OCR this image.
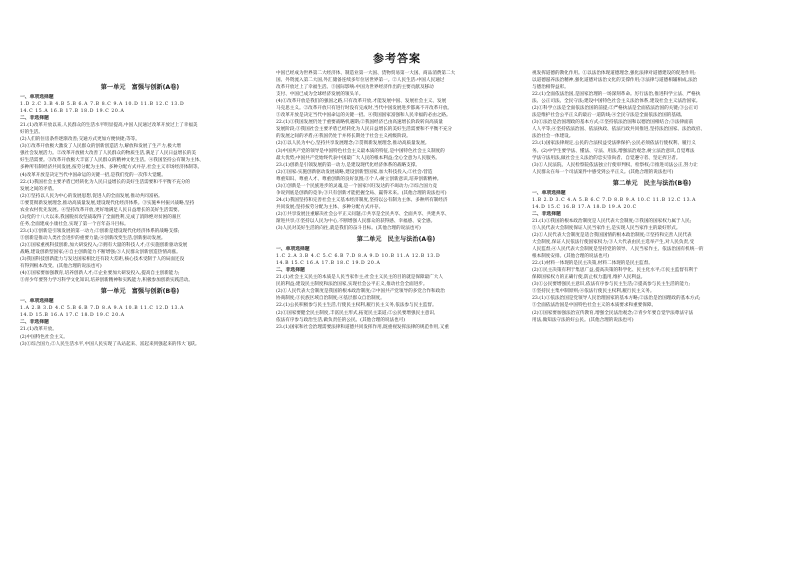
参考答案
第一单元　富强与创新(A卷)
一、单项选择题
1.D 2.C 3.B 4.B 5.B 6.A 7.B 8.C 9.A 10.D 11.B 12.C 13.D
14.C 15.A 16.B 17.B 18.D 19.C 20.A
二、非选择题
21.(1)改革开放以来,人民群众的生活水平明显提高,中国人民通过改革开放过上了幸福美
好的生活。
(2)人们的住房条件逐渐改善;交通方式更加方便快捷;等等。
(3)①改革开放极大激发了人民群众的创新创造活力,解放和发展了生产力,极大增
强社会发展活力。②改革开放极大改善了人民群众的物质生活,满足了人民日益增长的美
好生活需要。③改革开放极大丰富了人民群众的精神文化生活。④我国坚持公有制为主体、
多种所有制经济共同发展,按劳分配为主体、多种分配方式并存,社会主义市场经济体制等。
(4)改革开放是决定当代中国命运的关键一招,是我们党的一次伟大觉醒。
22.(1)我国社会主要矛盾已经转化为人民日益增长的美好生活需要和不平衡不充分的
发展之间的矛盾。
(2)①坚持以人民为中心的发展思想,促进人的全面发展,推动共同富裕。
②要贯彻新发展理念,推动高质量发展,建设现代化经济体系。③实施乡村振兴战略,坚持
农业农村优先发展。④坚持改革开放,更好地满足人民日益增长的美好生活需要。
(3)党的十八大以来,我国脱贫攻坚战取得了全面胜利,完成了消除绝对贫困的艰巨
任务,全面建成小康社会,实现了第一个百年奋斗目标。
23.(1)①创新是引领发展的第一动力;②创新是建设现代化经济体系的战略支撑;
③创新是推动人类社会进步的重要力量;④创新改变生活,创新驱动发展。
(2)①国家重视科技创新,加大研发投入;②拥有大量的科技人才;③实施创新驱动发展
战略,建设创新型国家;④自主创新能力不断增强;⑤人民群众创新创造热情高涨。
(3)我国科技创新能力与发达国家相比还有较大差距,核心技术受制于人的局面还没
有得到根本改变。(其他合理的说法也可)
(4)①国家要加强教育,培养创新人才;②企业要加大研发投入,提高自主创新能力;
③青少年要努力学习科学文化知识,培养创新精神和实践能力,积极参加创新实践活动。
第一单元　富强与创新(B卷)
一、单项选择题
1.A 2.B 3.D 4.C 5.B 6.B 7.D 8.A 9.A 10.B 11.C 12.D 13.A
14.D 15.B 16.A 17.C 18.D 19.C 20.A
二、非选择题
21.(1)改革开放。
(2)中国特色社会主义。
(3)①综合国力;②人民生活水平,中国人民实现了从站起来、富起来到强起来的伟大飞跃。
中国已经成为世界第二大经济体、制造业第一大国、货物贸易第一大国、商品消费第二大
国、外资流入第二大国,外汇储备连续多年位居世界第一。②人民生活:中国人民通过
改革开放过上了幸福生活。③国际影响:中国为世界经济作出的主要贡献及移动
支付、中国已成为全球经济发展的领头羊。
(4)①改革开放是我们的强国之路,只有改革开放,才能发展中国、发展社会主义、发展
马克思主义。②改革开放只有进行时没有完成时,当代中国发展进步都离不开改革开放。
③改革开放是决定当代中国命运的关键一招。④我国国家富强和人民幸福的必由之路。
22.(1)①我国发展仍处于重要战略机遇期;②我国经济已由高速增长阶段转向高质量
发展阶段;③我国社会主要矛盾已经转化为人民日益增长的美好生活需要和不平衡不充分
的发展之间的矛盾;④我国仍处于并将长期处于社会主义初级阶段。
(2)①以人民为中心,坚持共享发展理念;②贯彻新发展理念,推动高质量发展。
(3)中国共产党的领导是中国特色社会主义最本质的特征,是中国特色社会主义制度的
最大优势;中国共产党始终代表中国最广大人民的根本利益;全心全意为人民服务。
23.(1)创新是引领发展的第一动力,是建设现代化经济体系的战略支撑。
(2)①国家:实施创新驱动发展战略,建设创新型国家,加大科技投入;②社会:营造
尊重知识、尊重人才、尊重创新的良好氛围;③个人:树立创新意识,培养创新精神。
(3)①创新是一个民族进步的灵魂,是一个国家兴旺发达的不竭动力;②综合国力竞
争说到底是创新的竞争;③只有创新才能把握全局、赢得未来。(其他合理的说法也可)
24.(1)我国坚持和完善社会主义基本经济制度,坚持以公有制为主体、多种所有制经济
共同发展;坚持按劳分配为主体、多种分配方式并存。
(2)①共享发展注重解决社会公平正义问题;②共享是全民共享、全面共享、共建共享、
渐进共享;③坚持以人民为中心,不断增强人民群众的获得感、幸福感、安全感。
(3)人民对美好生活的向往,就是我们的奋斗目标。(其他合理的说法也可)
第二单元　民主与法治(A卷)
一、单项选择题
1.C 2.A 3.B 4.C 5.C 6.B 7.D 8.A 9.D 10.B 11.A 12.B 13.D
14.B 15.C 16.A 17.B 18.C 19.D 20.A
二、非选择题
21.(1)社会主义民主的本质是人民当家作主;社会主义民主的目的就是保障最广大人
民的利益;建设民主制度和法治国家,实现社会公平正义,推动社会全面进步。
(2)①人民代表大会制度是我国的根本政治制度;②中国共产党领导的多党合作和政治
协商制度;③民族区域自治制度;④基层群众自治制度。
22.(1)公民积极参与民主生活,行使民主权利,履行民主义务,依法参与民主监督。
(2)①国家要健全民主制度,丰富民主形式,拓宽民主渠道;②公民要增强民主意识,
依法有序参与政治生活,做负责任的公民。(其他合理的说法也可)
23.(1)国家和社会治理需要法律和道德共同发挥作用,既重视发挥法律的规范作用,又重
视发挥道德的教化作用。①以法治体现道德理念,强化法律对道德建设的促进作用;
以道德滋养法治精神,强化道德对法治文化的支撑作用;③法律与道德相辅相成,法治
与德治相得益彰。
22.(1)全面依法治国,是国家治理的一场深刻革命。厉行法治,推进科学立法、严格执
法、公正司法、全民守法;建设中国特色社会主义法治体系,建设社会主义法治国家。
(2)①科学立法是全面依法治国的前提;②严格执法是全面依法治国的关键;③公正司
法是维护社会公平正义的最后一道防线;④全民守法是全面依法治国的基础。
(3)①法治是治国理政的基本方式;②坚持依法治国和以德治国相结合;③法律面前
人人平等;④坚持依法治国、依法执政、依法行政共同推进,坚持法治国家、法治政府、
法治社会一体建设。
23.(1)国家法律规定,公民的合法权益受法律保护;公民必须依法行使权利、履行义
务。(2)中学生要学法、懂法、守法、用法,增强法治观念,树立法治意识,自觉尊法
学法守法用法,做社会主义法治的忠实崇尚者、自觉遵守者、坚定捍卫者。
(3)①人民法院、人民检察院依法独立行使审判权、检察权;②推进司法公正,努力让
人民群众在每一个司法案件中感受到公平正义。(其他合理的说法也可)
第二单元　民主与法治(B卷)
一、单项选择题
1.B 2.D 3.C 4.A 5.B 6.C 7.D 8.B 9.A 10.C 11.B 12.C 13.A
14.D 15.C 16.B 17.A 18.D 19.A 20.C
二、非选择题
21.(1)①我国的根本政治制度是人民代表大会制度;②我国的国家权力属于人民;
③人民代表大会制度保证人民当家作主,是实现人民当家作主的最好形式。
(2)①人民代表大会制度是适合我国国情的根本政治制度;②坚持和完善人民代表
大会制度,保证人民依法行使国家权力;③人大代表由民主选举产生,对人民负责,受
人民监督;④人民代表大会制度是坚持党的领导、人民当家作主、依法治国有机统一的
根本制度安排。(其他合理的说法也可)
22.(1)材料一体现的是民主决策,材料二体现的是民主监督。
(2)①民主决策有利于集思广益,提高决策的科学化、民主化水平;②民主监督有利于
保障国家权力的正确行使,防止权力滥用,维护人民利益。
(3)①公民要增强民主意识,依法有序参与民主生活;②提高参与民主生活的能力;
③坚持民主集中制原则;④依法行使民主权利,履行民主义务。
23.(1)①依法治国是党领导人民治理国家的基本方略;②法治是治国理政的基本方式;
③全面依法治国是中国特色社会主义的本质要求和重要保障。
(2)①国家要加强法治宣传教育,增强全民法治观念;②青少年要自觉学法尊法守法
用法,做知法守法的好公民。(其他合理的说法也可)
